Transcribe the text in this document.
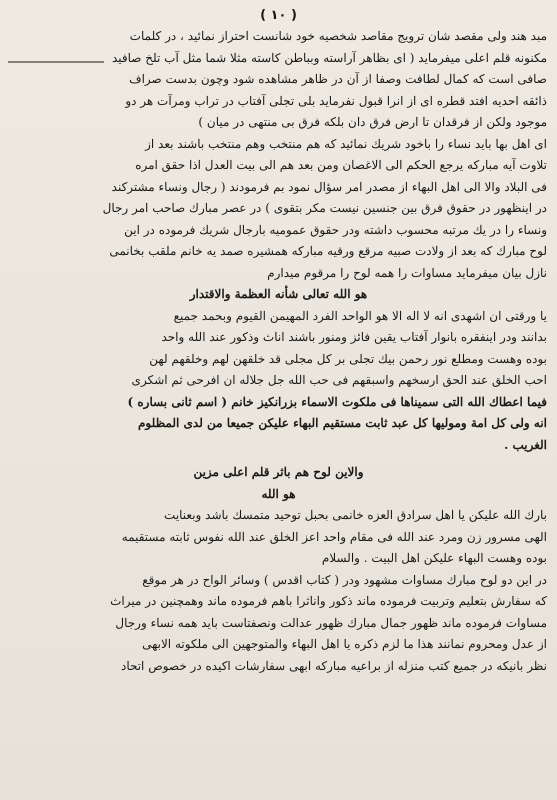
( ۱۰ )
مبد هند ولى مقصد شان ترويج مقاصد شخصيه خود شانست احتراز نمائيد ، در كلمات
مكنونه قلم اعلى ميفرمايد ( اى بظاهر آراسته وبباطن كاسته مثلا شما مثل آب تلخ صافيد
صافى است كه كمال لطافت وصفا از آن در ظاهر مشاهده شود وچون بدست صراف
ذائقه احديه افتد قطره‌ اى از انرا قبول نفرمايد بلى تجلى آفتاب در تراب ومرآت هر دو
موجود ولكن از فرقدان تا ارض فرق دان بلكه فرق بى منتهى در ميان )
اى اهل بها بايد نساء را باخود شريك نمائيد كه هم منتخب وهم منتخب باشند بعد از
تلاوت آيه مباركه يرجع الحكم الى الاغصان ومن بعد هم الى بيت العدل اذا حقق امره
فى البلاد والا الى اهل البهاء از مصدر امر سؤال نمود بم فرمودند ( رجال ونساء مشتركند
در اينظهور در حقوق فرق بين جنسين نيست مكر بتقوى ) در عصر مبارك صاحب امر رجال
ونساء را در يك مرتبه محسوب داشته ودر حقوق عموميه بارجال شريك فرموده در اين
لوح مبارك كه بعد از ولادت صبيه مرقع ورقيه مباركه همشيره صمد يه خانم ملقب بخانمى
نازل بيان ميفرمايد مساوات را همه لوح را مرقوم ميدارم
هو الله تعالى شأنه العظمة والاقتدار
يا ورقتى ان اشهدى انه لا اله الا هو الواحد الفرد المهيمن القيوم وبحمد جميع
بدانند ودر اينفقره بانوار آفتاب يقين فائز ومنور باشند اناث وذكور عند الله واحد
بوده وهست ومطلع نور رحمن بيك تجلى بر كل مجلى قد خلقهن لهم وخلقهم لهن
احب الخلق عند الحق ارسخهم واسبقهم فى حب الله جل جلاله ان افرحى ثم اشكرى
فيما اعطاك الله التى سميناها فى ملكوت الاسماء بزرانكيز خانم ( اسم ثانى بساره )
انه ولى كل امة وموليها كل عبد ثابت مستقيم البهاء عليكن جميعا من لدى المظلوم
الغريب .
والاين لوح هم باثر قلم اعلى مزين
هو الله
بارك الله عليكن يا اهل سرادق العزه خانمى بحبل توحيد متمسك باشد وبعنايت
الهى مسرور زن ومرد عند الله فى مقام واحد اعز الخلق عند الله نفوس ثابته مستقيمه
بوده وهست البهاء عليكن اهل البيت . والسلام
در اين دو لوح مبارك مساوات مشهود ودر ( كتاب اقدس ) وسائر الواح در هر موقع
كه سفارش بتعليم وتربيت فرموده ماند ذكور واناثرا باهم فرموده ماند وهمچنين در ميراث
مساوات فرموده ماند ظهور جمال مبارك ظهور عدالت ونصفتاست بايد همه نساء ورجال
از عدل ومحروم نمانند هذا ما لزم ذكره يا اهل البهاء والمتوجهين الى ملكوته الابهى
نظر بانيكه در جميع كتب منزله از براعيه مباركه ابهى سفارشات اكيده در خصوص اتحاد
